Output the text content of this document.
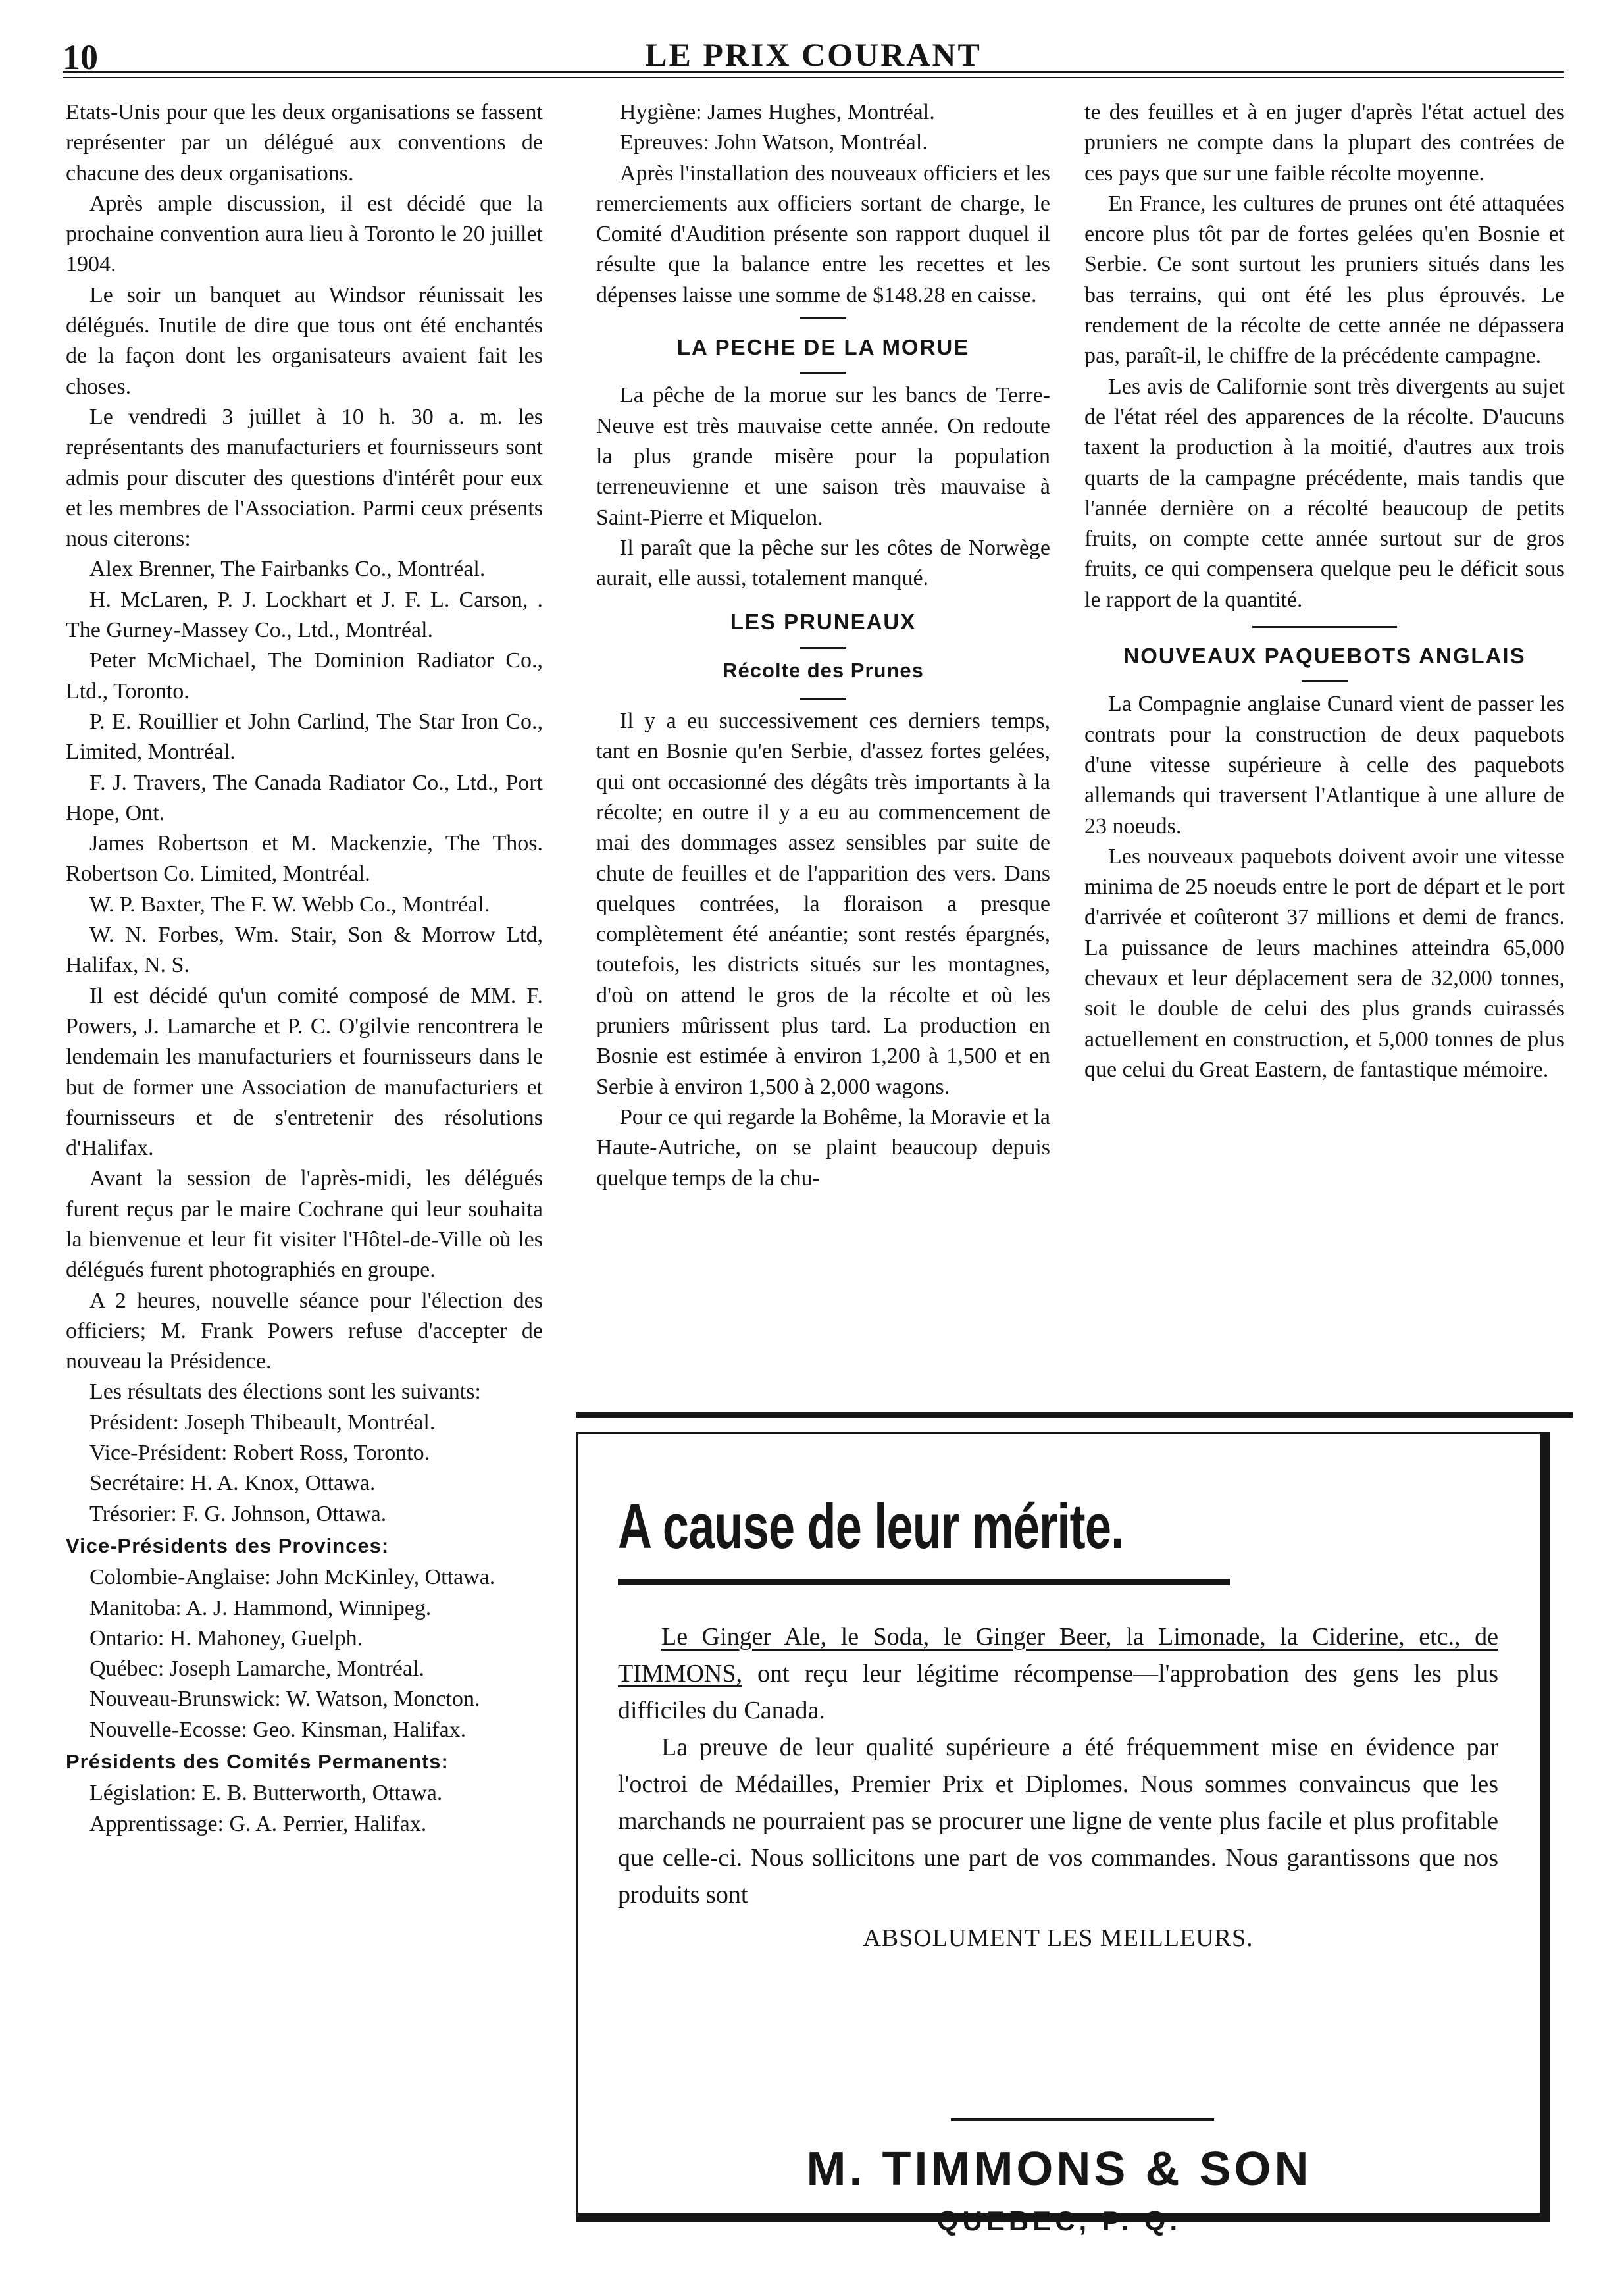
10	LE PRIX COURANT

Etats-Unis pour que les deux organisations se fassent représenter par un délégué aux conventions de chacune des deux organisations.

Après ample discussion, il est décidé que la prochaine convention aura lieu à Toronto le 20 juillet 1904.

Le soir un banquet au Windsor réunissait les délégués. Inutile de dire que tous ont été enchantés de la façon dont les organisateurs avaient fait les choses.

Le vendredi 3 juillet à 10 h. 30 a. m. les représentants des manufacturiers et fournisseurs sont admis pour discuter des questions d'intérêt pour eux et les membres de l'Association. Parmi ceux présents nous citerons:

Alex Brenner, The Fairbanks Co., Montréal.

H. McLaren, P. J. Lockhart et J. F. L. Carson, . The Gurney-Massey Co., Ltd., Montréal.

Peter McMichael, The Dominion Radiator Co., Ltd., Toronto.

P. E. Rouillier et John Carlind, The Star Iron Co., Limited, Montréal.

F. J. Travers, The Canada Radiator Co., Ltd., Port Hope, Ont.

James Robertson et M. Mackenzie, The Thos. Robertson Co. Limited, Montréal.

W. P. Baxter, The F. W. Webb Co., Montréal.

W. N. Forbes, Wm. Stair, Son & Morrow Ltd, Halifax, N. S.

Il est décidé qu'un comité composé de MM. F. Powers, J. Lamarche et P. C. O'gilvie rencontrera le lendemain les manufacturiers et fournisseurs dans le but de former une Association de manufacturiers et fournisseurs et de s'entretenir des résolutions d'Halifax.

Avant la session de l'après-midi, les délégués furent reçus par le maire Cochrane qui leur souhaita la bienvenue et leur fit visiter l'Hôtel-de-Ville où les délégués furent photographiés en groupe.

A 2 heures, nouvelle séance pour l'élection des officiers; M. Frank Powers refuse d'accepter de nouveau la Présidence.

Les résultats des élections sont les suivants:

Président: Joseph Thibeault, Montréal.

Vice-Président: Robert Ross, Toronto.

Secrétaire: H. A. Knox, Ottawa.

Trésorier: F. G. Johnson, Ottawa.

Vice-Présidents des Provinces:

Colombie-Anglaise: John McKinley, Ottawa.

Manitoba: A. J. Hammond, Winnipeg.

Ontario: H. Mahoney, Guelph.

Québec: Joseph Lamarche, Montréal.

Nouveau-Brunswick: W. Watson, Moncton.

Nouvelle-Ecosse: Geo. Kinsman, Halifax.

Présidents des Comités Permanents:

Législation: E. B. Butterworth, Ottawa.

Apprentissage: G. A. Perrier, Halifax.

Hygiène: James Hughes, Montréal.

Epreuves: John Watson, Montréal.

Après l'installation des nouveaux officiers et les remerciements aux officiers sortant de charge, le Comité d'Audition présente son rapport duquel il résulte que la balance entre les recettes et les dépenses laisse une somme de $148.28 en caisse.

LA PECHE DE LA MORUE

La pêche de la morue sur les bancs de Terre-Neuve est très mauvaise cette année. On redoute la plus grande misère pour la population terreneuvienne et une saison très mauvaise à Saint-Pierre et Miquelon.

Il paraît que la pêche sur les côtes de Norwège aurait, elle aussi, totalement manqué.

LES PRUNEAUX
Récolte des Prunes

Il y a eu successivement ces derniers temps, tant en Bosnie qu'en Serbie, d'assez fortes gelées, qui ont occasionné des dégâts très importants à la récolte; en outre il y a eu au commencement de mai des dommages assez sensibles par suite de chute de feuilles et de l'apparition des vers. Dans quelques contrées, la floraison a presque complètement été anéantie; sont restés épargnés, toutefois, les districts situés sur les montagnes, d'où on attend le gros de la récolte et où les pruniers mûrissent plus tard. La production en Bosnie est estimée à environ 1,200 à 1,500 et en Serbie à environ 1,500 à 2,000 wagons.

Pour ce qui regarde la Bohême, la Moravie et la Haute-Autriche, on se plaint beaucoup depuis quelque temps de la chu-

te des feuilles et à en juger d'après l'état actuel des pruniers ne compte dans la plupart des contrées de ces pays que sur une faible récolte moyenne.

En France, les cultures de prunes ont été attaquées encore plus tôt par de fortes gelées qu'en Bosnie et Serbie. Ce sont surtout les pruniers situés dans les bas terrains, qui ont été les plus éprouvés. Le rendement de la récolte de cette année ne dépassera pas, paraît-il, le chiffre de la précédente campagne.

Les avis de Californie sont très divergents au sujet de l'état réel des apparences de la récolte. D'aucuns taxent la production à la moitié, d'autres aux trois quarts de la campagne précédente, mais tandis que l'année dernière on a récolté beaucoup de petits fruits, on compte cette année surtout sur de gros fruits, ce qui compensera quelque peu le déficit sous le rapport de la quantité.

NOUVEAUX PAQUEBOTS ANGLAIS

La Compagnie anglaise Cunard vient de passer les contrats pour la construction de deux paquebots d'une vitesse supérieure à celle des paquebots allemands qui traversent l'Atlantique à une allure de 23 noeuds.

Les nouveaux paquebots doivent avoir une vitesse minima de 25 noeuds entre le port de départ et le port d'arrivée et coûteront 37 millions et demi de francs. La puissance de leurs machines atteindra 65,000 chevaux et leur déplacement sera de 32,000 tonnes, soit le double de celui des plus grands cuirassés actuellement en construction, et 5,000 tonnes de plus que celui du Great Eastern, de fantastique mémoire.

A cause de leur mérite.

Le Ginger Ale, le Soda, le Ginger Beer, la Limonade, la Ciderine, etc., de TIMMONS, ont reçu leur légitime récompense—l'approbation des gens les plus difficiles du Canada.

La preuve de leur qualité supérieure a été fréquemment mise en évidence par l'octroi de Médailles, Premier Prix et Diplomes. Nous sommes convaincus que les marchands ne pourraient pas se procurer une ligne de vente plus facile et plus profitable que celle-ci. Nous sollicitons une part de vos commandes. Nous garantissons que nos produits sont

ABSOLUMENT LES MEILLEURS.

M. TIMMONS & SON
QUEBEC, P. Q.
